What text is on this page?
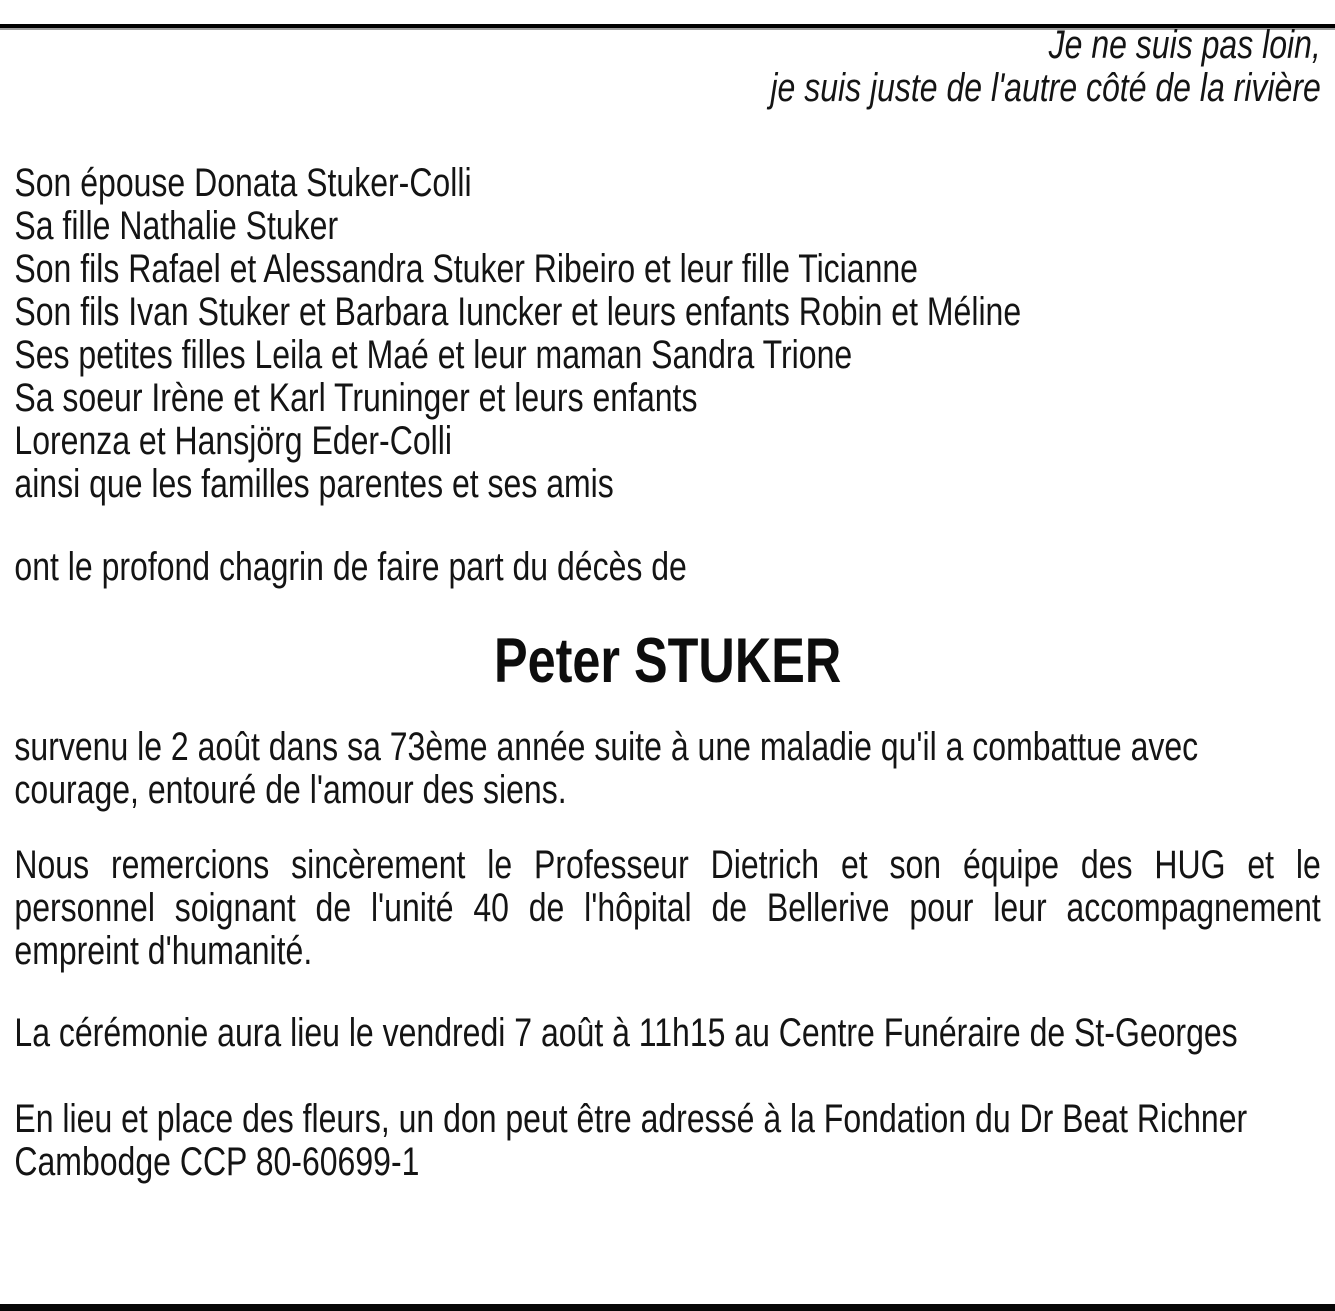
Je ne suis pas loin,
je suis juste de l'autre côté de la rivière
Son épouse Donata Stuker-Colli
Sa fille Nathalie Stuker
Son fils Rafael et Alessandra Stuker Ribeiro et leur fille Ticianne
Son fils Ivan Stuker et Barbara Iuncker et leurs enfants Robin et Méline
Ses petites filles Leila et Maé et leur maman Sandra Trione
Sa soeur Irène et Karl Truninger et leurs enfants
Lorenza et Hansjörg Eder-Colli
ainsi que les familles parentes et ses amis
ont le profond chagrin de faire part du décès de
Peter STUKER
survenu le 2 août dans sa 73ème année suite à une maladie qu'il a combattue avec
courage, entouré de l'amour des siens.
Nous remercions sincèrement le Professeur Dietrich et son équipe des HUG et le
personnel soignant de l'unité 40 de l'hôpital de Bellerive pour leur accompagnement
empreint d'humanité.
La cérémonie aura lieu le vendredi 7 août à 11h15 au Centre Funéraire de St-Georges
En lieu et place des fleurs, un don peut être adressé à la Fondation du Dr Beat Richner
Cambodge CCP 80-60699-1
